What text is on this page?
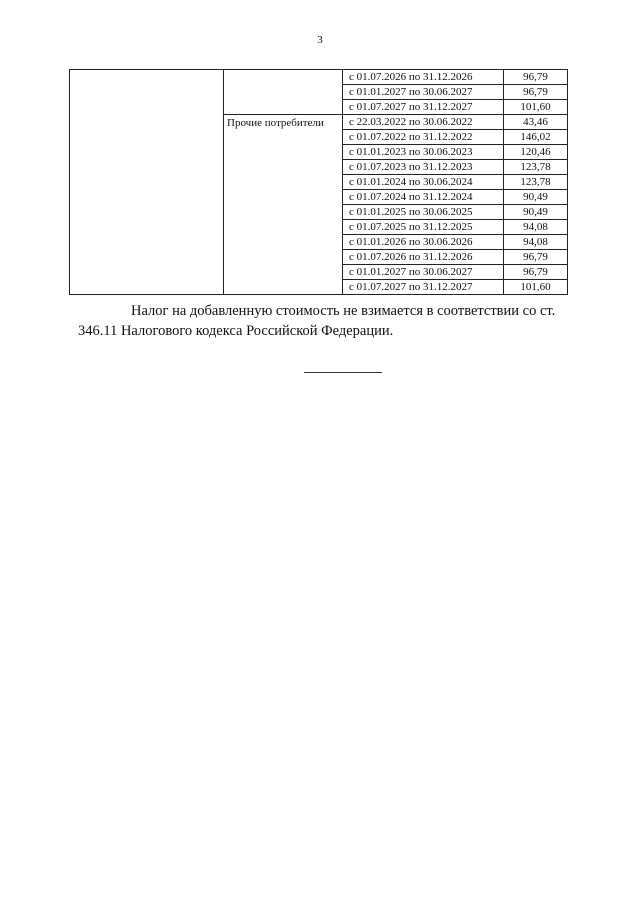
3
		с 01.07.2026 по 31.12.2026	96,79
		с 01.01.2027 по 30.06.2027	96,79
		с 01.07.2027 по 31.12.2027	101,60
	Прочие потребители	с 22.03.2022 по 30.06.2022	43,46
		с 01.07.2022 по 31.12.2022	146,02
		с 01.01.2023 по 30.06.2023	120,46
		с 01.07.2023 по 31.12.2023	123,78
		с 01.01.2024 по 30.06.2024	123,78
		с 01.07.2024 по 31.12.2024	90,49
		с 01.01.2025 по 30.06.2025	90,49
		с 01.07.2025 по 31.12.2025	94,08
		с 01.01.2026 по 30.06.2026	94,08
		с 01.07.2026 по 31.12.2026	96,79
		с 01.01.2027 по 30.06.2027	96,79
		с 01.07.2027 по 31.12.2027	101,60

Налог на добавленную стоимость не взимается в соответствии со ст. 346.11 Налогового кодекса Российской Федерации.
